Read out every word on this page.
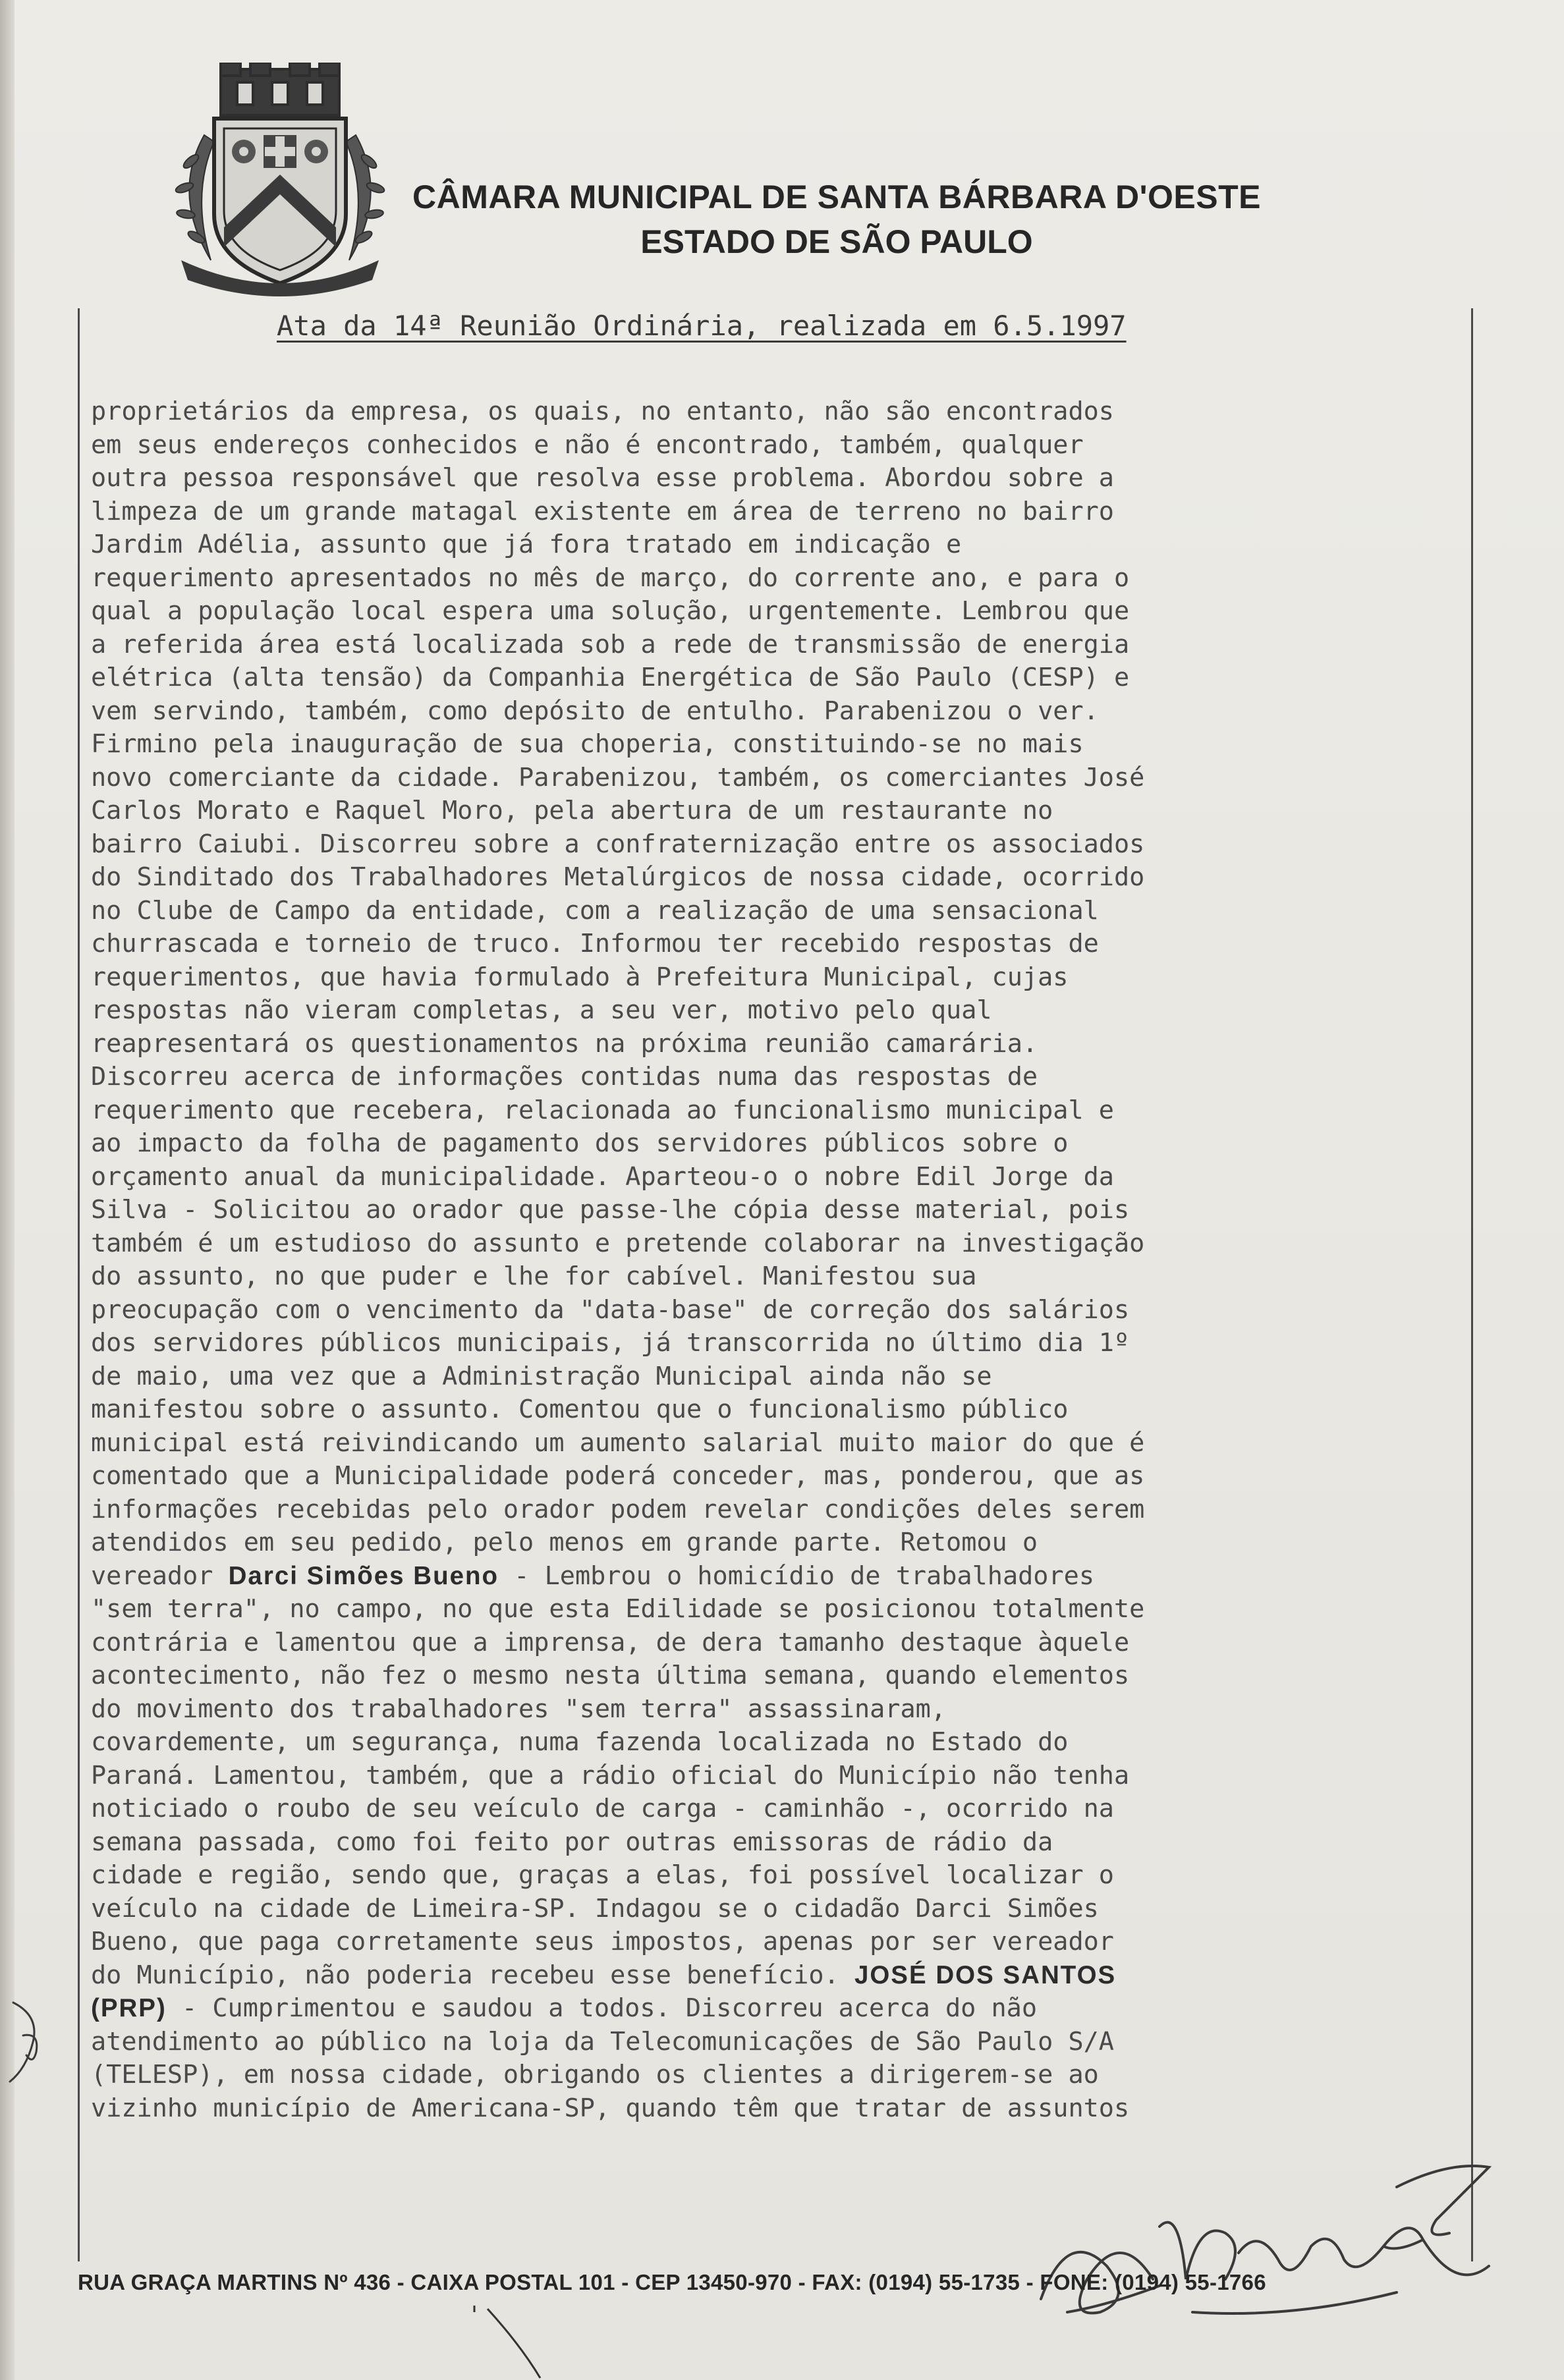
CÂMARA MUNICIPAL DE SANTA BÁRBARA D'OESTE
ESTADO DE SÃO PAULO
Ata da 14ª Reunião Ordinária, realizada em 6.5.1997
proprietários da empresa, os quais, no entanto, não são encontrados
em seus endereços conhecidos e não é encontrado, também, qualquer
outra pessoa responsável que resolva esse problema. Abordou sobre a
limpeza de um grande matagal existente em área de terreno no bairro
Jardim Adélia, assunto que já fora tratado em indicação e
requerimento apresentados no mês de março, do corrente ano, e para o
qual a população local espera uma solução, urgentemente. Lembrou que
a referida área está localizada sob a rede de transmissão de energia
elétrica (alta tensão) da Companhia Energética de São Paulo (CESP) e
vem servindo, também, como depósito de entulho. Parabenizou o ver.
Firmino pela inauguração de sua choperia, constituindo-se no mais
novo comerciante da cidade. Parabenizou, também, os comerciantes José
Carlos Morato e Raquel Moro, pela abertura de um restaurante no
bairro Caiubi. Discorreu sobre a confraternização entre os associados
do Sinditado dos Trabalhadores Metalúrgicos de nossa cidade, ocorrido
no Clube de Campo da entidade, com a realização de uma sensacional
churrascada e torneio de truco. Informou ter recebido respostas de
requerimentos, que havia formulado à Prefeitura Municipal, cujas
respostas não vieram completas, a seu ver, motivo pelo qual
reapresentará os questionamentos na próxima reunião camarária.
Discorreu acerca de informações contidas numa das respostas de
requerimento que recebera, relacionada ao funcionalismo municipal e
ao impacto da folha de pagamento dos servidores públicos sobre o
orçamento anual da municipalidade. Aparteou-o o nobre Edil Jorge da
Silva - Solicitou ao orador que passe-lhe cópia desse material, pois
também é um estudioso do assunto e pretende colaborar na investigação
do assunto, no que puder e lhe for cabível. Manifestou sua
preocupação com o vencimento da "data-base" de correção dos salários
dos servidores públicos municipais, já transcorrida no último dia 1º
de maio, uma vez que a Administração Municipal ainda não se
manifestou sobre o assunto. Comentou que o funcionalismo público
municipal está reivindicando um aumento salarial muito maior do que é
comentado que a Municipalidade poderá conceder, mas, ponderou, que as
informações recebidas pelo orador podem revelar condições deles serem
atendidos em seu pedido, pelo menos em grande parte. Retomou o
vereador Darci Simões Bueno - Lembrou o homicídio de trabalhadores
"sem terra", no campo, no que esta Edilidade se posicionou totalmente
contrária e lamentou que a imprensa, de dera tamanho destaque àquele
acontecimento, não fez o mesmo nesta última semana, quando elementos
do movimento dos trabalhadores "sem terra" assassinaram,
covardemente, um segurança, numa fazenda localizada no Estado do
Paraná. Lamentou, também, que a rádio oficial do Município não tenha
noticiado o roubo de seu veículo de carga - caminhão -, ocorrido na
semana passada, como foi feito por outras emissoras de rádio da
cidade e região, sendo que, graças a elas, foi possível localizar o
veículo na cidade de Limeira-SP. Indagou se o cidadão Darci Simões
Bueno, que paga corretamente seus impostos, apenas por ser vereador
do Município, não poderia recebeu esse benefício. JOSÉ DOS SANTOS
(PRP) - Cumprimentou e saudou a todos. Discorreu acerca do não
atendimento ao público na loja da Telecomunicações de São Paulo S/A
(TELESP), em nossa cidade, obrigando os clientes a dirigerem-se ao
vizinho município de Americana-SP, quando têm que tratar de assuntos
RUA GRAÇA MARTINS Nº 436 - CAIXA POSTAL 101 - CEP 13450-970 - FAX: (0194) 55-1735 - FONE: (0194) 55-1766
